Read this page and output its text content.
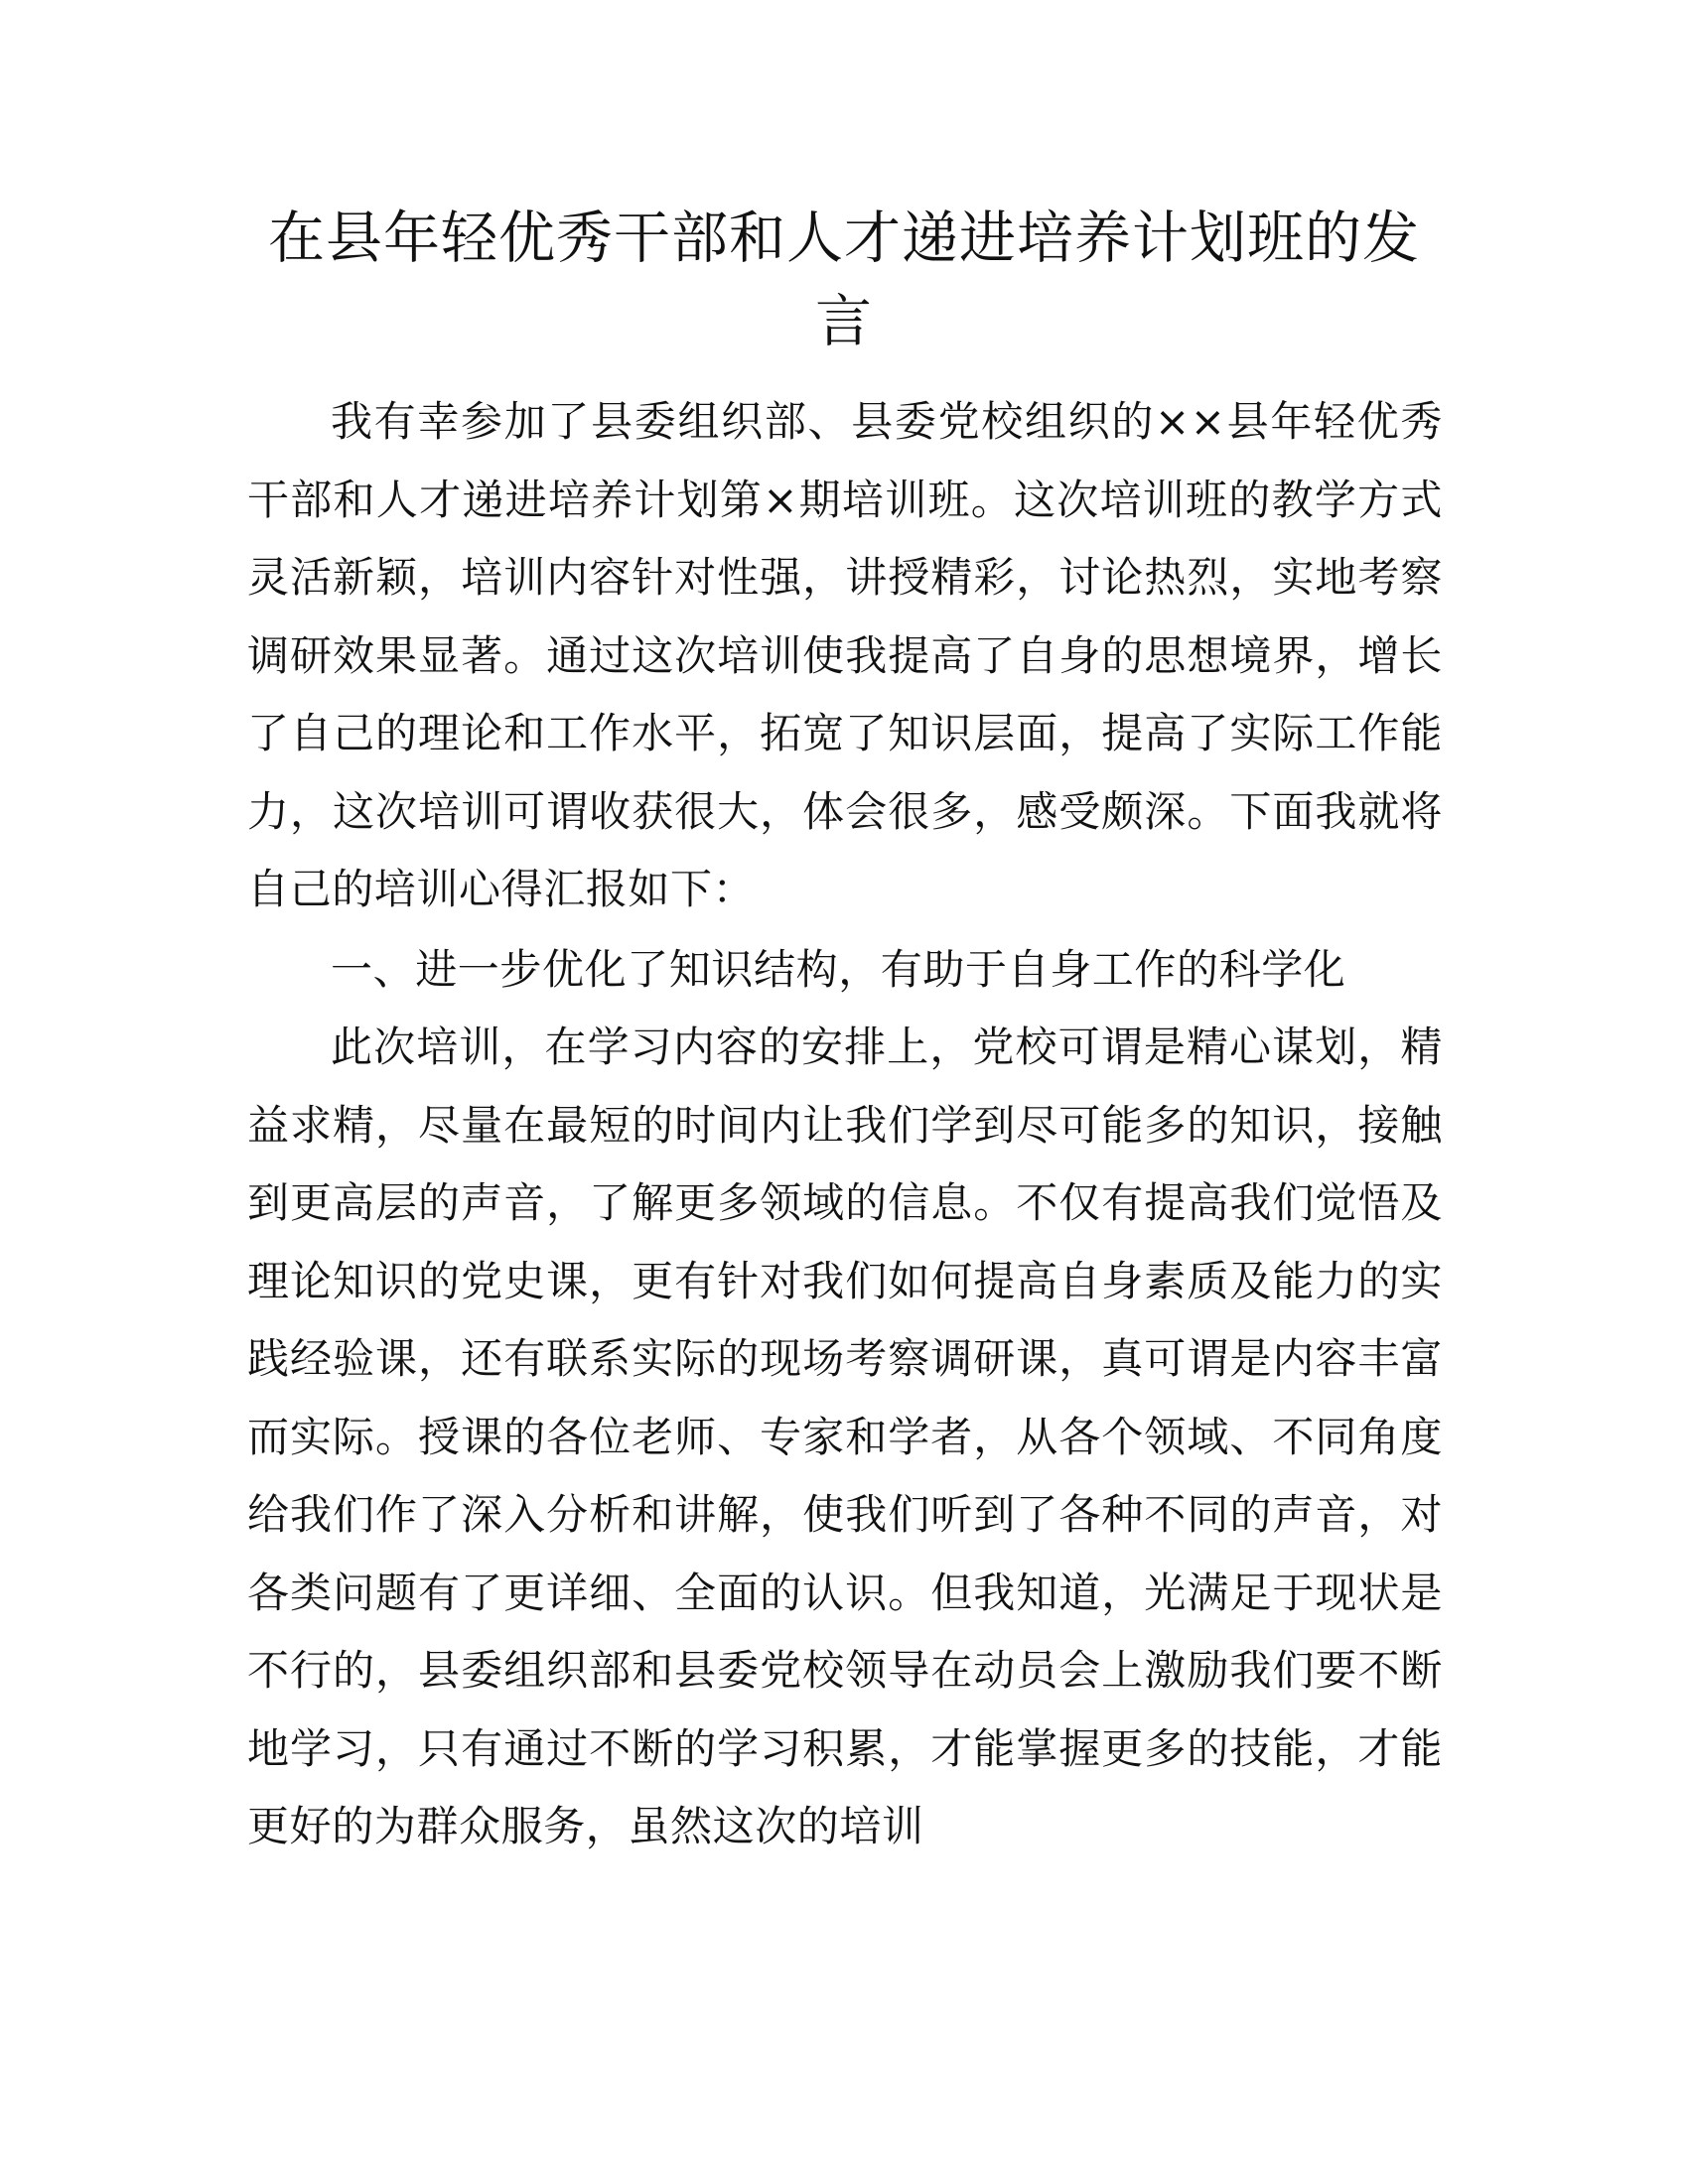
在县年轻优秀干部和人才递进培养计划班的发言

我有幸参加了县委组织部、县委党校组织的××县年轻优秀干部和人才递进培养计划第×期培训班。这次培训班的教学方式灵活新颖，培训内容针对性强，讲授精彩，讨论热烈，实地考察调研效果显著。通过这次培训使我提高了自身的思想境界，增长了自己的理论和工作水平，拓宽了知识层面，提高了实际工作能力，这次培训可谓收获很大，体会很多，感受颇深。下面我就将自己的培训心得汇报如下：

一、进一步优化了知识结构，有助于自身工作的科学化

此次培训，在学习内容的安排上，党校可谓是精心谋划，精益求精，尽量在最短的时间内让我们学到尽可能多的知识，接触到更高层的声音，了解更多领域的信息。不仅有提高我们觉悟及理论知识的党史课，更有针对我们如何提高自身素质及能力的实践经验课，还有联系实际的现场考察调研课，真可谓是内容丰富而实际。授课的各位老师、专家和学者，从各个领域、不同角度给我们作了深入分析和讲解，使我们听到了各种不同的声音，对各类问题有了更详细、全面的认识。但我知道，光满足于现状是不行的，县委组织部和县委党校领导在动员会上激励我们要不断地学习，只有通过不断的学习积累，才能掌握更多的技能，才能更好的为群众服务，虽然这次的培训
